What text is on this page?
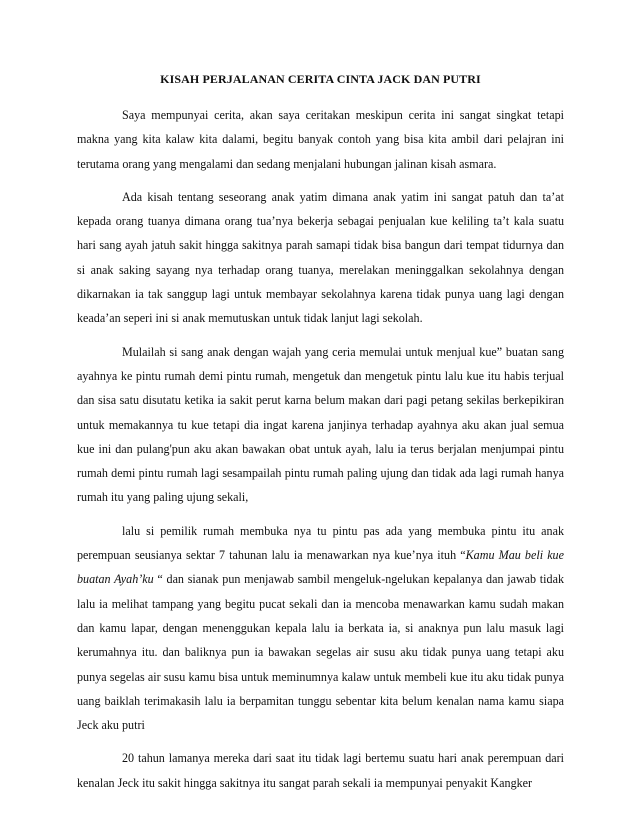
KISAH PERJALANAN CERITA CINTA JACK DAN PUTRI

Saya mempunyai cerita, akan saya ceritakan meskipun cerita ini sangat singkat tetapi makna yang kita kalaw kita dalami, begitu banyak contoh yang bisa kita ambil dari pelajran ini terutama orang yang mengalami dan sedang menjalani hubungan jalinan kisah asmara.

Ada kisah tentang seseorang anak yatim dimana anak yatim ini sangat patuh dan ta’at kepada orang tuanya dimana orang tua’nya bekerja sebagai penjualan kue keliling ta’t kala suatu hari sang ayah jatuh sakit hingga sakitnya parah samapi tidak bisa bangun dari tempat tidurnya dan si anak saking sayang nya terhadap orang tuanya, merelakan meninggalkan sekolahnya dengan dikarnakan ia tak sanggup lagi untuk membayar sekolahnya karena tidak punya uang lagi dengan keada’an seperi ini si anak memutuskan untuk tidak lanjut lagi sekolah.

Mulailah si sang anak dengan wajah yang ceria memulai untuk menjual kue” buatan sang ayahnya ke pintu rumah demi pintu rumah, mengetuk dan mengetuk pintu lalu kue itu habis terjual dan sisa satu disutatu ketika ia sakit perut karna belum makan dari pagi petang sekilas berkepikiran untuk memakannya tu kue tetapi dia ingat karena janjinya terhadap ayahnya aku akan jual semua kue ini dan pulang'pun aku akan bawakan obat untuk ayah, lalu ia terus berjalan menjumpai pintu rumah demi pintu rumah lagi sesampailah pintu rumah paling ujung dan tidak ada lagi rumah hanya rumah itu yang paling ujung sekali,

lalu si pemilik rumah membuka nya tu pintu pas ada yang membuka pintu itu anak perempuan seusianya sektar 7 tahunan lalu ia menawarkan nya kue’nya ituh “Kamu Mau beli kue buatan Ayah’ku “ dan sianak pun menjawab sambil mengeluk-ngelukan kepalanya dan jawab tidak lalu ia melihat tampang yang begitu pucat sekali dan ia mencoba menawarkan kamu sudah makan dan kamu lapar, dengan menenggukan kepala lalu ia berkata ia, si anaknya pun lalu masuk lagi kerumahnya itu. dan baliknya pun ia bawakan segelas air susu aku tidak punya uang tetapi aku punya segelas air susu kamu bisa untuk meminumnya kalaw untuk membeli kue itu aku tidak punya uang baiklah terimakasih lalu ia berpamitan tunggu sebentar kita belum kenalan nama kamu siapa Jeck aku putri

20 tahun lamanya mereka dari saat itu tidak lagi bertemu suatu hari anak perempuan dari kenalan Jeck itu sakit hingga sakitnya itu sangat parah sekali ia mempunyai penyakit Kangker
